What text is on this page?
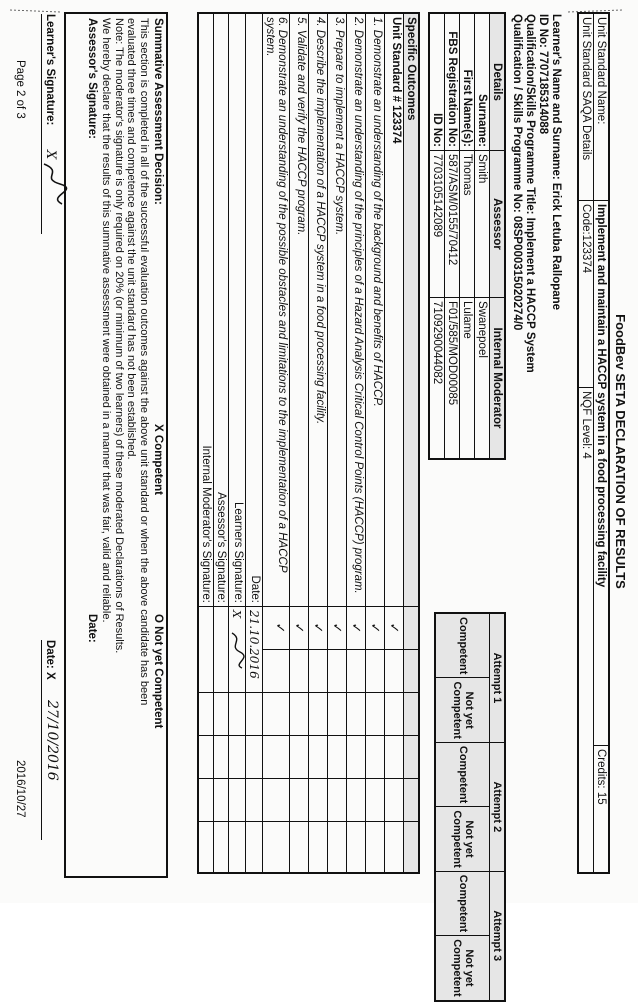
FoodBev SETA DECLARATION OF RESULTS
Unit Standard Name:	Implement and maintain a HACCP system in a food processing facility		Credits: 15
Unit Standard SAQA Details	Code:123374	NQF Level: 4	
Learner's Name and Surname: Erick Letuba Rallopane
ID No: 7707185314088
Qualification/Skills Programme Title: Implement a HACCP System
Qualification / Skills Programme No: 08SP000315020274/0
Details	Assessor	Internal Moderator
Surname:	Smith	Swanepoel
First Name(s):	Thomas	Lulame
FBS Registration No:	587/ASM/0155/70412	F01/585/MOD00085
ID No:	7703105142089	7109290044082
Attempt 1		Attempt 2		Attempt 3	
Competent	Not yet Competent	Competent	Not yet Competent	Competent	Not yet Competent
Specific Outcomes						
Unit Standard # 123374	✓					
1. Demonstrate an understanding of the background and benefits of HACCP.	✓					
2. Demonstrate an understanding of the principles of a Hazard Analysis Critical Control Points (HACCP) program.	✓					
3. Prepare to implement a HACCP system.	✓					
4. Describe the implementation of a HACCP system in a food processing facility.	✓					
5. Validate and verify the HACCP program.	✓					
6. Demonstrate an understanding of the possible obstacles and limitations to the implementation of a HACCP system.	✓					
Date:	21.10.2016					
Learners Signature:	X					
Assessor's Signature:						
Internal Moderator's Signature:						
Summative Assessment Decision:
X Competent
O Not yet Competent
This section is completed in all of the successful evaluation outcomes against the above unit standard or when the above candidate has been
evaluated three times and competence against the unit standard has not been established.
Note: The moderator's signature is only required on 20% (or minimum of two learners) of these moderated Declarations of Results.
We hereby declare that the results of this summative assessment were obtained in a manner that was fair, valid and reliable.
Assessor's Signature:
Date:
Learner's Signature:
X
Date: X
27/10/2016
Page 2 of 3
2016/10/27
